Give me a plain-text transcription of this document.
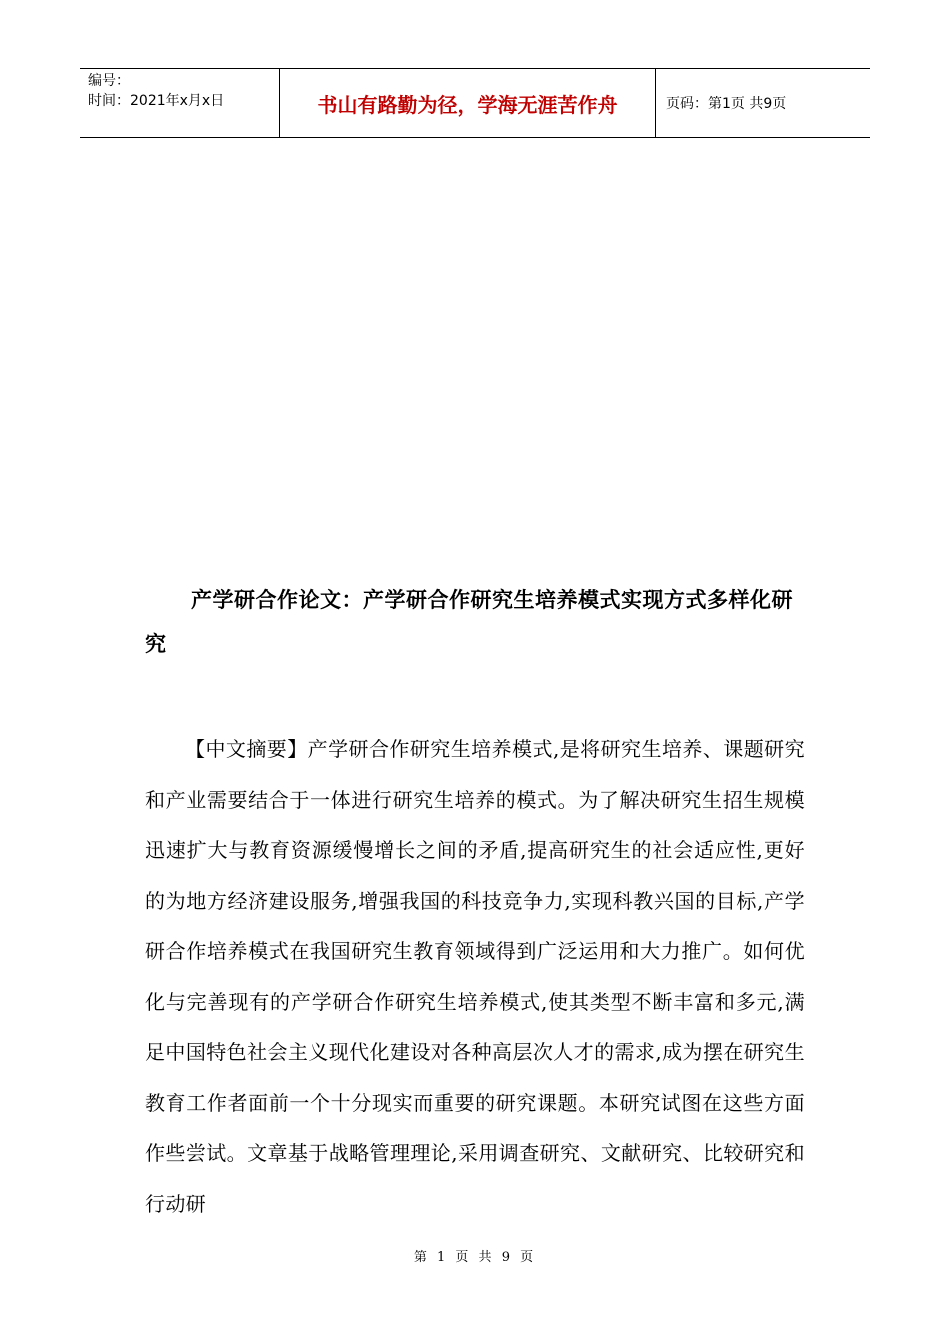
编号：
时间：2021年x月x日	书山有路勤为径，学海无涯苦作舟	页码：第1页 共9页
产学研合作论文：产学研合作研究生培养模式实现方式多样化研究
【中文摘要】产学研合作研究生培养模式,是将研究生培养、课题研究和产业需要结合于一体进行研究生培养的模式。为了解决研究生招生规模迅速扩大与教育资源缓慢增长之间的矛盾,提高研究生的社会适应性,更好的为地方经济建设服务,增强我国的科技竞争力,实现科教兴国的目标,产学研合作培养模式在我国研究生教育领域得到广泛运用和大力推广。如何优化与完善现有的产学研合作研究生培养模式,使其类型不断丰富和多元,满足中国特色社会主义现代化建设对各种高层次人才的需求,成为摆在研究生教育工作者面前一个十分现实而重要的研究课题。本研究试图在这些方面作些尝试。文章基于战略管理理论,采用调查研究、文献研究、比较研究和行动研
第 1 页 共 9 页
